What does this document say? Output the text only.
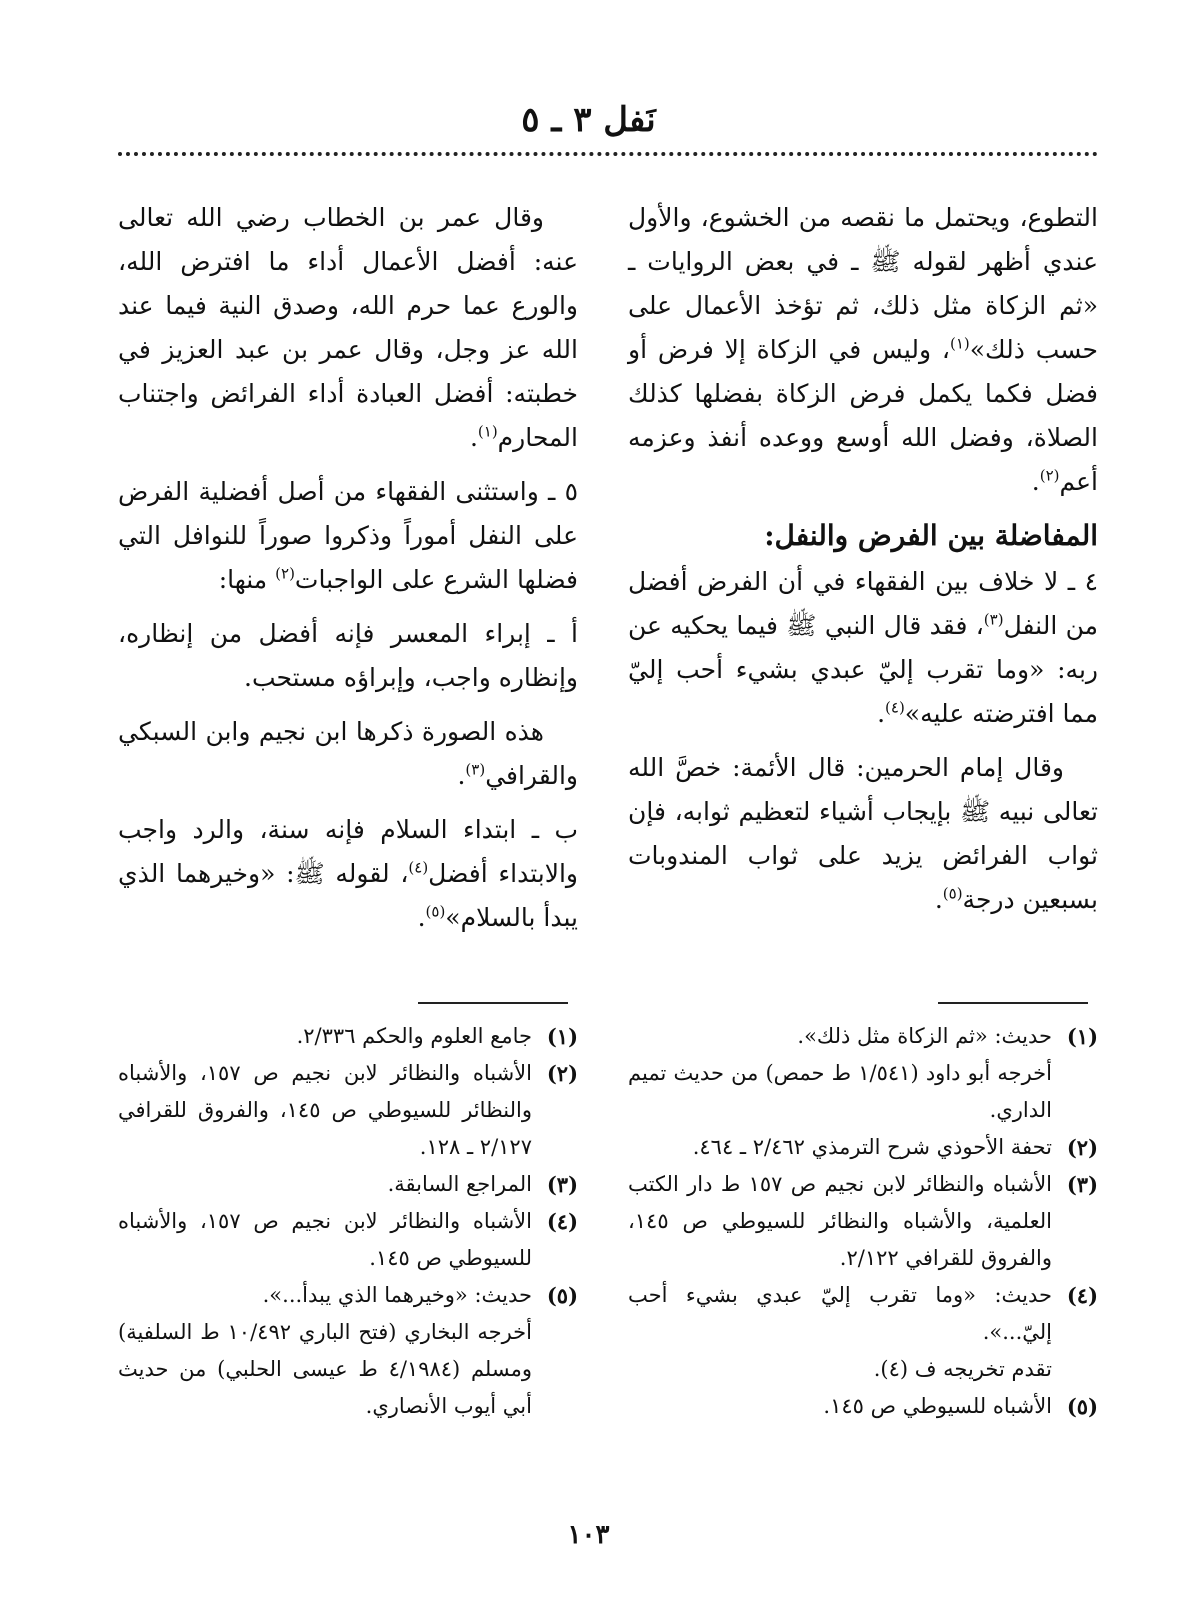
نَفل ٣ ـ ٥

التطوع، ويحتمل ما نقصه من الخشوع، والأول عندي أظهر لقوله ﷺ ـ في بعض الروايات ـ «ثم الزكاة مثل ذلك، ثم تؤخذ الأعمال على حسب ذلك»$^{(١)}$، وليس في الزكاة إلا فرض أو فضل فكما يكمل فرض الزكاة بفضلها كذلك الصلاة، وفضل الله أوسع ووعده أنفذ وعزمه أعم$^{(٢)}$.

المفاضلة بين الفرض والنفل:

٤ ـ لا خلاف بين الفقهاء في أن الفرض أفضل من النفل$^{(٣)}$، فقد قال النبي ﷺ فيما يحكيه عن ربه: «وما تقرب إليّ عبدي بشيء أحب إليّ مما افترضته عليه»$^{(٤)}$.

وقال إمام الحرمين: قال الأئمة: خصَّ الله تعالى نبيه ﷺ بإيجاب أشياء لتعظيم ثوابه، فإن ثواب الفرائض يزيد على ثواب المندوبات بسبعين درجة$^{(٥)}$.

وقال عمر بن الخطاب رضي الله تعالى عنه: أفضل الأعمال أداء ما افترض الله، والورع عما حرم الله، وصدق النية فيما عند الله عز وجل، وقال عمر بن عبد العزيز في خطبته: أفضل العبادة أداء الفرائض واجتناب المحارم$^{(١)}$.

٥ ـ واستثنى الفقهاء من أصل أفضلية الفرض على النفل أموراً وذكروا صوراً للنوافل التي فضلها الشرع على الواجبات$^{(٢)}$ منها:

أ ـ إبراء المعسر فإنه أفضل من إنظاره، وإنظاره واجب، وإبراؤه مستحب.

هذه الصورة ذكرها ابن نجيم وابن السبكي والقرافي$^{(٣)}$.

ب ـ ابتداء السلام فإنه سنة، والرد واجب والابتداء أفضل$^{(٤)}$، لقوله ﷺ: «وخيرهما الذي يبدأ بالسلام»$^{(٥)}$.

(١)
حديث: «ثم الزكاة مثل ذلك».
أخرجه أبو داود (١/٥٤١ ط حمص) من حديث تميم الداري.
(٢)
تحفة الأحوذي شرح الترمذي ٢/٤٦٢ ـ ٤٦٤.
(٣)
الأشباه والنظائر لابن نجيم ص ١٥٧ ط دار الكتب العلمية، والأشباه والنظائر للسيوطي ص ١٤٥، والفروق للقرافي ٢/١٢٢.
(٤)
حديث: «وما تقرب إليّ عبدي بشيء أحب إليّ...».
تقدم تخريجه ف (٤).
(٥)
الأشباه للسيوطي ص ١٤٥.
(١)
جامع العلوم والحكم ٢/٣٣٦.
(٢)
الأشباه والنظائر لابن نجيم ص ١٥٧، والأشباه والنظائر للسيوطي ص ١٤٥، والفروق للقرافي ٢/١٢٧ ـ ١٢٨.
(٣)
المراجع السابقة.
(٤)
الأشباه والنظائر لابن نجيم ص ١٥٧، والأشباه للسيوطي ص ١٤٥.
(٥)
حديث: «وخيرهما الذي يبدأ...».
أخرجه البخاري (فتح الباري ١٠/٤٩٢ ط السلفية) ومسلم (٤/١٩٨٤ ط عيسى الحلبي) من حديث أبي أيوب الأنصاري.
١٠٣
